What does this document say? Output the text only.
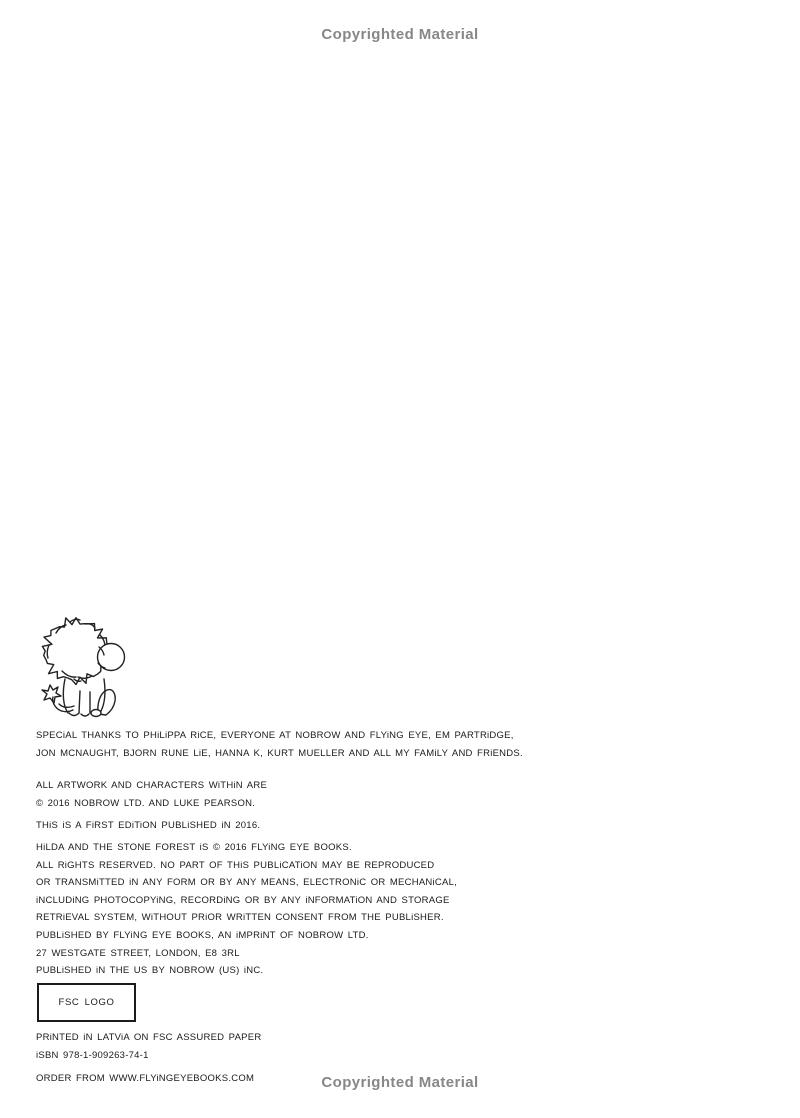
Copyrighted Material
SPECiAL THANKS TO PHiLiPPA RiCE, EVERYONE AT NOBROW AND FLYiNG EYE, EM PARTRiDGE,
JON MCNAUGHT, BJORN RUNE LiE, HANNA K, KURT MUELLER AND ALL MY FAMiLY AND FRiENDS.
ALL ARTWORK AND CHARACTERS WiTHiN ARE
© 2016 NOBROW LTD. AND LUKE PEARSON.
THiS iS A FiRST EDiTiON PUBLiSHED iN 2016.
HiLDA AND THE STONE FOREST iS © 2016 FLYiNG EYE BOOKS.
ALL RiGHTS RESERVED. NO PART OF THiS PUBLiCATiON MAY BE REPRODUCED
OR TRANSMiTTED iN ANY FORM OR BY ANY MEANS, ELECTRONiC OR MECHANiCAL,
iNCLUDiNG PHOTOCOPYiNG, RECORDiNG OR BY ANY iNFORMATiON AND STORAGE
RETRiEVAL SYSTEM, WiTHOUT PRiOR WRiTTEN CONSENT FROM THE PUBLiSHER.
PUBLiSHED BY FLYiNG EYE BOOKS, AN iMPRiNT OF NOBROW LTD.
27 WESTGATE STREET, LONDON, E8 3RL
PUBLiSHED iN THE US BY NOBROW (US) iNC.
FSC LOGO
PRiNTED iN LATViA ON FSC ASSURED PAPER
iSBN 978-1-909263-74-1
ORDER FROM WWW.FLYiNGEYEBOOKS.COM	Copyrighted Material
